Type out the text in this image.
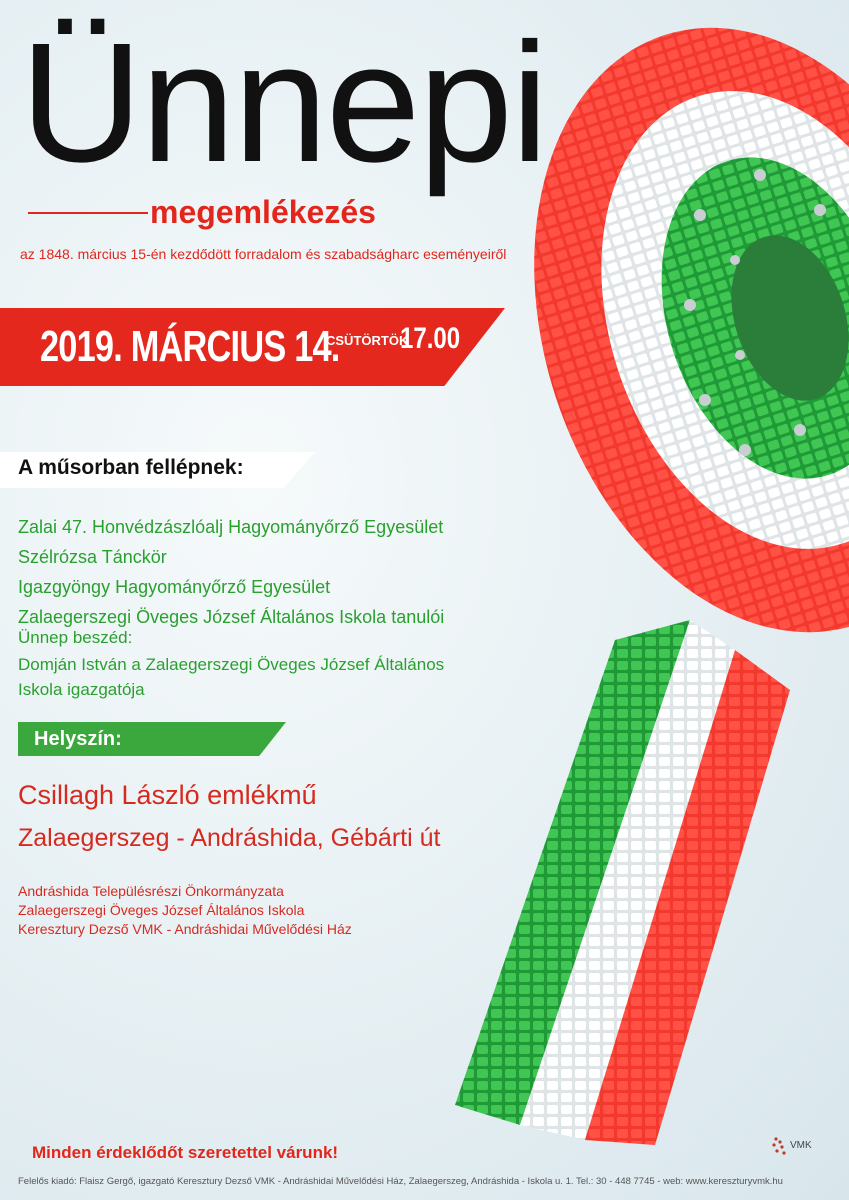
Ünnepi
megemlékezés
az 1848. március 15-én kezdődött forradalom és szabadságharc eseményeiről
2019. MÁRCIUS 14.
CSÜTÖRTÖK
17.00
A műsorban fellépnek:
Zalai 47. Honvédzászlóalj Hagyományőrző Egyesület
Szélrózsa Tánckör
Igazgyöngy Hagyományőrző Egyesület
Zalaegerszegi Öveges József Általános Iskola tanulói
Ünnep beszéd:
Domján István a Zalaegerszegi Öveges József Általános Iskola igazgatója
Helyszín:
Csillagh László emlékmű
Zalaegerszeg - Andráshida, Gébárti út
Andráshida Településrészi Önkormányzata
Zalaegerszegi Öveges József Általános Iskola
Keresztury Dezső VMK - Andráshidai Művelődési Ház
Minden érdeklődőt szeretettel várunk!	VMK
Felelős kiadó: Flaisz Gergő, igazgató Keresztury Dezső VMK - Andráshidai Művelődési Ház, Zalaegerszeg, Andráshida - Iskola u. 1. Tel.: 30 - 448 7745 - web: www.kereszturyvmk.hu
